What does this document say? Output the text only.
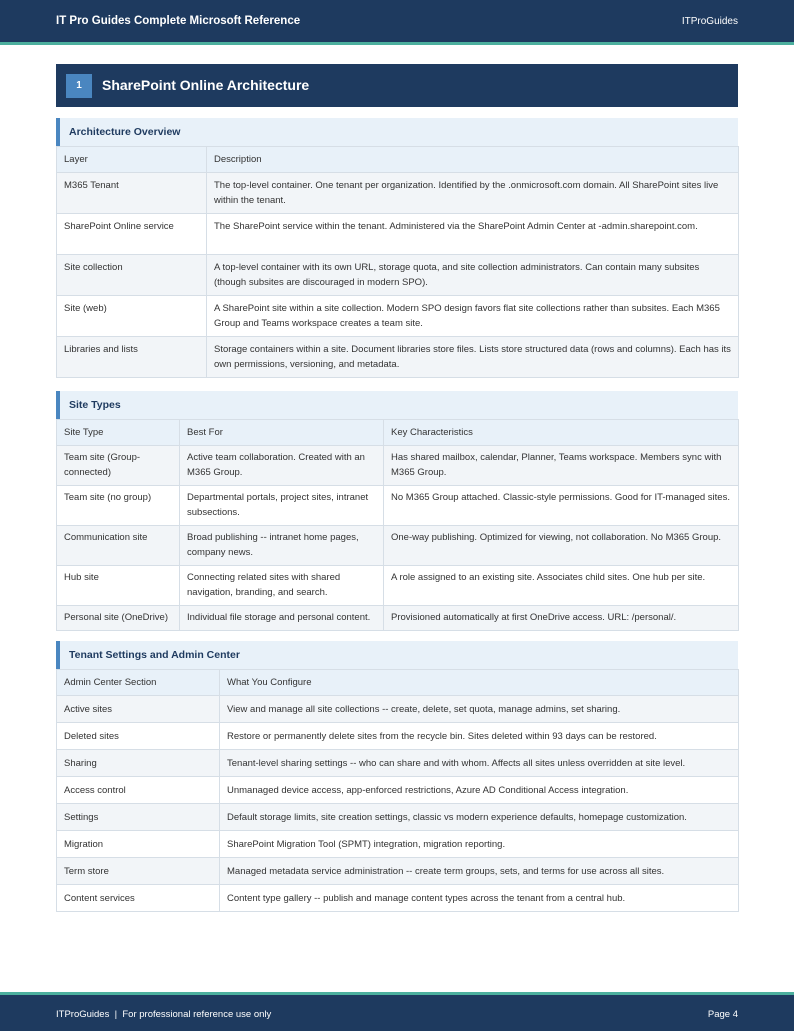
IT Pro Guides Complete Microsoft Reference	ITProGuides
1	SharePoint Online Architecture
Architecture Overview
Layer	Description
M365 Tenant	The top-level container. One tenant per organization. Identified by the .onmicrosoft.com domain. All SharePoint sites live within the tenant.
SharePoint Online service	The SharePoint service within the tenant. Administered via the SharePoint Admin Center at -admin.sharepoint.com.
Site collection	A top-level container with its own URL, storage quota, and site collection administrators. Can contain many subsites (though subsites are discouraged in modern SPO).
Site (web)	A SharePoint site within a site collection. Modern SPO design favors flat site collections rather than subsites. Each M365 Group and Teams workspace creates a team site.
Libraries and lists	Storage containers within a site. Document libraries store files. Lists store structured data (rows and columns). Each has its own permissions, versioning, and metadata.
Site Types
Site Type	Best For	Key Characteristics
Team site (Group-connected)	Active team collaboration. Created with an M365 Group.	Has shared mailbox, calendar, Planner, Teams workspace. Members sync with M365 Group.
Team site (no group)	Departmental portals, project sites, intranet subsections.	No M365 Group attached. Classic-style permissions. Good for IT-managed sites.
Communication site	Broad publishing -- intranet home pages, company news.	One-way publishing. Optimized for viewing, not collaboration. No M365 Group.
Hub site	Connecting related sites with shared navigation, branding, and search.	A role assigned to an existing site. Associates child sites. One hub per site.
Personal site (OneDrive)	Individual file storage and personal content.	Provisioned automatically at first OneDrive access. URL: /personal/.
Tenant Settings and Admin Center
Admin Center Section	What You Configure
Active sites	View and manage all site collections -- create, delete, set quota, manage admins, set sharing.
Deleted sites	Restore or permanently delete sites from the recycle bin. Sites deleted within 93 days can be restored.
Sharing	Tenant-level sharing settings -- who can share and with whom. Affects all sites unless overridden at site level.
Access control	Unmanaged device access, app-enforced restrictions, Azure AD Conditional Access integration.
Settings	Default storage limits, site creation settings, classic vs modern experience defaults, homepage customization.
Migration	SharePoint Migration Tool (SPMT) integration, migration reporting.
Term store	Managed metadata service administration -- create term groups, sets, and terms for use across all sites.
Content services	Content type gallery -- publish and manage content types across the tenant from a central hub.
ITProGuides  |  For professional reference use only	Page 4
